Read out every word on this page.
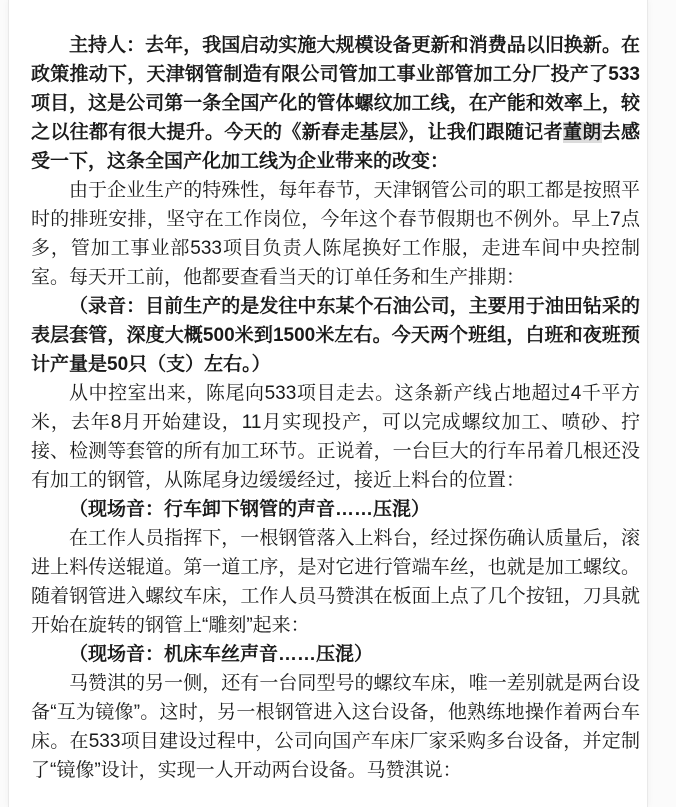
主持人：去年，我国启动实施大规模设备更新和消费品以旧换新。在政策推动下，天津钢管制造有限公司管加工事业部管加工分厂投产了533项目，这是公司第一条全国产化的管体螺纹加工线，在产能和效率上，较之以往都有很大提升。今天的《新春走基层》，让我们跟随记者董朗去感受一下，这条全国产化加工线为企业带来的改变：

由于企业生产的特殊性，每年春节，天津钢管公司的职工都是按照平时的排班安排，坚守在工作岗位，今年这个春节假期也不例外。早上7点多，管加工事业部533项目负责人陈尾换好工作服，走进车间中央控制室。每天开工前，他都要查看当天的订单任务和生产排期：

（录音：目前生产的是发往中东某个石油公司，主要用于油田钻采的表层套管，深度大概500米到1500米左右。今天两个班组，白班和夜班预计产量是50只（支）左右。）

从中控室出来，陈尾向533项目走去。这条新产线占地超过4千平方米，去年8月开始建设，11月实现投产，可以完成螺纹加工、喷砂、拧接、检测等套管的所有加工环节。正说着，一台巨大的行车吊着几根还没有加工的钢管，从陈尾身边缓缓经过，接近上料台的位置：

（现场音：行车卸下钢管的声音……压混）

在工作人员指挥下，一根钢管落入上料台，经过探伤确认质量后，滚进上料传送辊道。第一道工序，是对它进行管端车丝，也就是加工螺纹。随着钢管进入螺纹车床，工作人员马赞淇在板面上点了几个按钮，刀具就开始在旋转的钢管上“雕刻”起来：

（现场音：机床车丝声音……压混）

马赞淇的另一侧，还有一台同型号的螺纹车床，唯一差别就是两台设备“互为镜像”。这时，另一根钢管进入这台设备，他熟练地操作着两台车床。在533项目建设过程中，公司向国产车床厂家采购多台设备，并定制了“镜像”设计，实现一人开动两台设备。马赞淇说：
